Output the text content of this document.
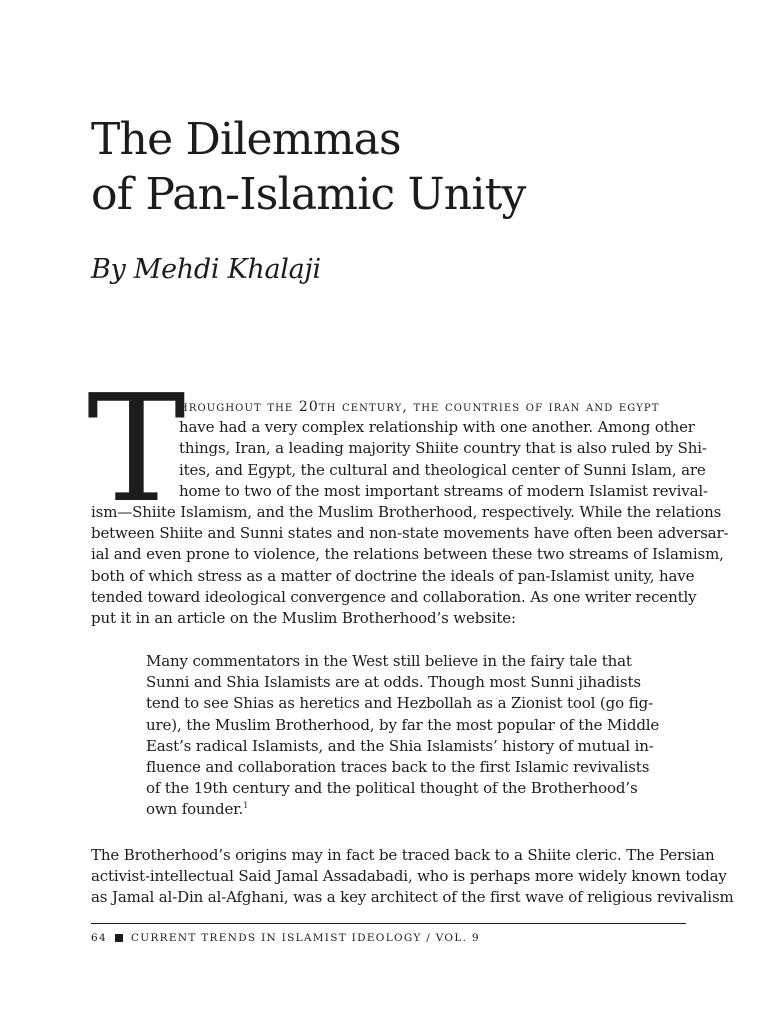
The Dilemmas
of Pan-Islamic Unity

By Mehdi Khalaji

T
hroughout the 20th century, the countries of iran and egypt
have had a very complex relationship with one another. Among other
things, Iran, a leading majority Shiite country that is also ruled by Shi-
ites, and Egypt, the cultural and theological center of Sunni Islam, are
home to two of the most important streams of modern Islamist revival-
ism—Shiite Islamism, and the Muslim Brotherhood, respectively. While the relations
between Shiite and Sunni states and non-state movements have often been adversar-
ial and even prone to violence, the relations between these two streams of Islamism,
both of which stress as a matter of doctrine the ideals of pan-Islamist unity, have
tended toward ideological convergence and collaboration. As one writer recently
put it in an article on the Muslim Brotherhood’s website:
Many commentators in the West still believe in the fairy tale that
Sunni and Shia Islamists are at odds. Though most Sunni jihadists
tend to see Shias as heretics and Hezbollah as a Zionist tool (go fig-
ure), the Muslim Brotherhood, by far the most popular of the Middle
East’s radical Islamists, and the Shia Islamists’ history of mutual in-
fluence and collaboration traces back to the first Islamic revivalists
of the 19th century and the political thought of the Brotherhood’s
own founder.$^1$
The Brotherhood’s origins may in fact be traced back to a Shiite cleric. The Persian
activist-intellectual Said Jamal Assadabadi, who is perhaps more widely known today
as Jamal al-Din al-Afghani, was a key architect of the first wave of religious revivalism
64 CURRENT TRENDS IN ISLAMIST IDEOLOGY / VOL. 9
